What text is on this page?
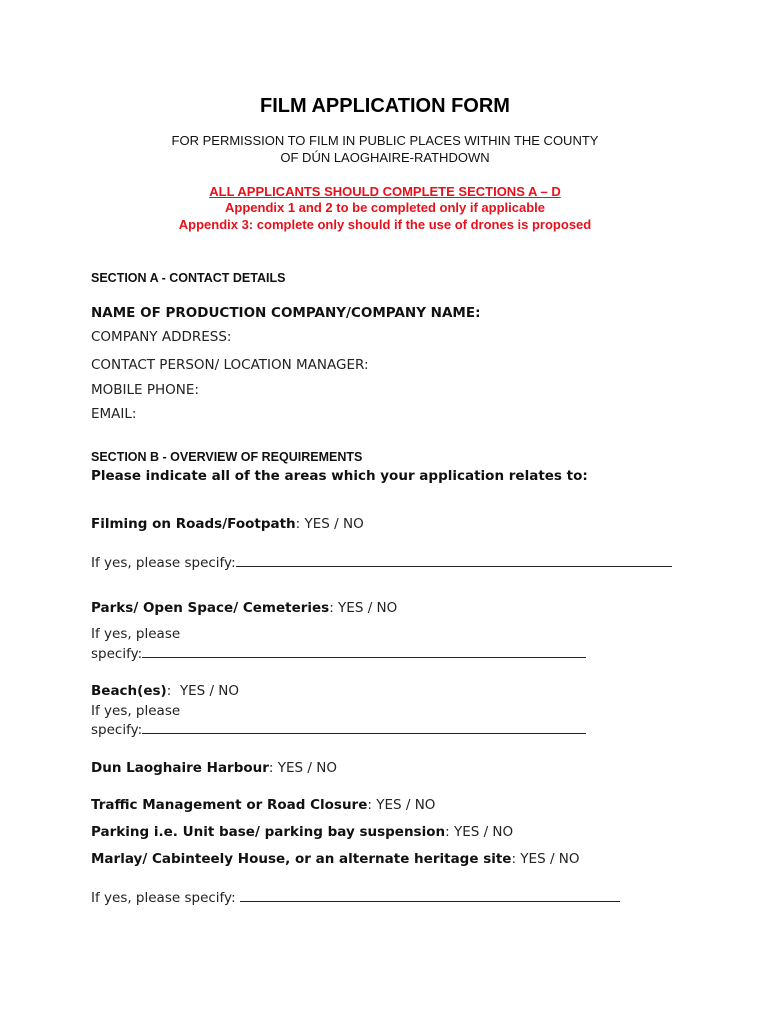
FILM APPLICATION FORM
FOR PERMISSION TO FILM IN PUBLIC PLACES WITHIN THE COUNTY
OF DÚN LAOGHAIRE-RATHDOWN
ALL APPLICANTS SHOULD COMPLETE SECTIONS A – D
Appendix 1 and 2 to be completed only if applicable
Appendix 3: complete only should if the use of drones is proposed
SECTION A - CONTACT DETAILS
NAME OF PRODUCTION COMPANY/COMPANY NAME:
COMPANY ADDRESS:
CONTACT PERSON/ LOCATION MANAGER:
MOBILE PHONE:
EMAIL:
SECTION B - OVERVIEW OF REQUIREMENTS
Please indicate all of the areas which your application relates to:
Filming on Roads/Footpath: YES / NO
If yes, please specify:
Parks/ Open Space/ Cemeteries: YES / NO
If yes, please
specify:
Beach(es):  YES / NO
If yes, please
specify:
Dun Laoghaire Harbour: YES / NO
Traffic Management or Road Closure: YES / NO
Parking i.e. Unit base/ parking bay suspension: YES / NO
Marlay/ Cabinteely House, or an alternate heritage site: YES / NO
If yes, please specify:
